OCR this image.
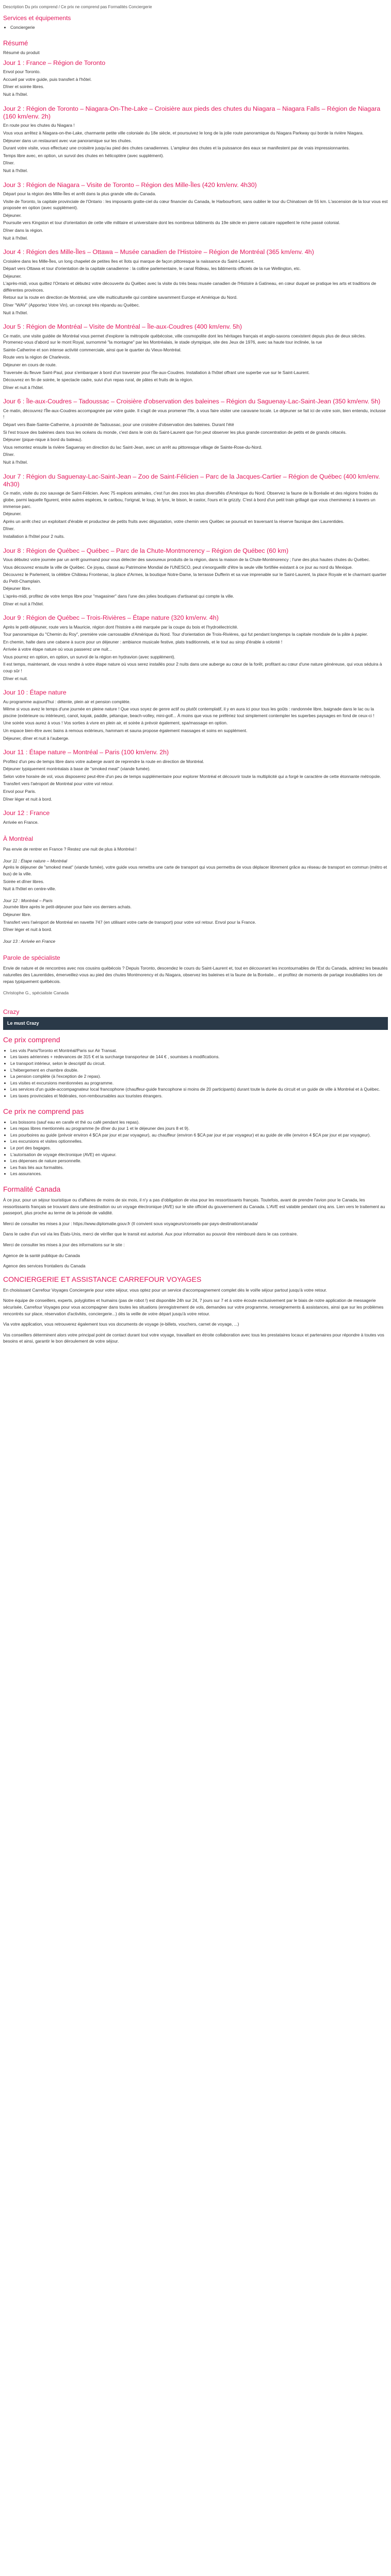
Description Du prix comprend / Ce prix ne comprend pas Formalités Conciergerie
Services et équipements
• Conciergerie
Résumé

Résumé du produit

Jour 1 : France – Région de Toronto

Envol pour Toronto.

Accueil par votre guide, puis transfert à l'hôtel.

Dîner et soirée libres.

Nuit à l'hôtel.

Jour 2 : Région de Toronto – Niagara-On-The-Lake – Croisière aux pieds des chutes du Niagara – Niagara Falls – Région de Niagara (160 km/env. 2h)

En route pour les chutes du Niagara !

Vous vous arrêtez à Niagara-on-the-Lake, charmante petite ville coloniale du 18e siècle, et poursuivez le long de la jolie route panoramique du Niagara Parkway qui borde la rivière Niagara.

Déjeuner dans un restaurant avec vue panoramique sur les chutes.

Durant votre visite, vous effectuez une croisière jusqu'au pied des chutes canadiennes. L'ampleur des chutes et la puissance des eaux se manifestent par de vrais impressionnantes.

Temps libre avec, en option, un survol des chutes en hélicoptère (avec supplément).

Dîner.

Nuit à l'hôtel.

Jour 3 : Région de Niagara – Visite de Toronto – Région des Mille-Îles (420 km/env. 4h30)

Départ pour la région des Mille-Îles et arrêt dans la plus grande ville du Canada.

Visite de Toronto, la capitale provinciale de l'Ontario : les imposants gratte-ciel du cœur financier du Canada, le Harbourfront, sans oublier le tour du Chinatown de 55 km. L'ascension de la tour vous est proposée en option (avec supplément).

Déjeuner.

Poursuite vers Kingston et tour d'orientation de cette ville militaire et universitaire dont les nombreux bâtiments du 19e siècle en pierre calcaire rappellent le riche passé colonial.

Dîner dans la région.

Nuit à l'hôtel.

Jour 4 : Région des Mille-Îles – Ottawa – Musée canadien de l'Histoire – Région de Montréal (365 km/env. 4h)

Croisière dans les Mille-Îles, un long chapelet de petites îles et îlots qui marque de façon pittoresque la naissance du Saint-Laurent.

Départ vers Ottawa et tour d'orientation de la capitale canadienne : la colline parlementaire, le canal Rideau, les bâtiments officiels de la rue Wellington, etc.

Déjeuner.

L'après-midi, vous quittez l'Ontario et débutez votre découverte du Québec avec la visite du très beau musée canadien de l'Histoire à Gatineau, en cœur duquel se pratique les arts et traditions de différentes provinces.

Retour sur la route en direction de Montréal, une ville multiculturelle qui combine savamment Europe et Amérique du Nord.

Dîner "WAV" (Apportez Votre Vin), un concept très répandu au Québec.

Nuit à l'hôtel.

Jour 5 : Région de Montréal – Visite de Montréal – Île-aux-Coudres (400 km/env. 5h)

Ce matin, une visite guidée de Montréal vous permet d'explorer la métropole québécoise, ville cosmopolite dont les héritages français et anglo-saxons coexistent depuis plus de deux siècles. Promenez-vous d'abord sur le mont Royal, surnommé "la montagne" par les Montréalais, le stade olympique, site des Jeux de 1976, avec sa haute tour inclinée, la rue

Sainte-Catherine et son intense activité commerciale, ainsi que le quartier du Vieux-Montréal.

Route vers la région de Charlevoix.

Déjeuner en cours de route.

Traversée du fleuve Saint-Paul, pour s'embarquer à bord d'un traversier pour l'Île-aux-Coudres. Installation à l'hôtel offrant une superbe vue sur le Saint-Laurent.

Découvrez en fin de soirée, le spectacle cadre, suivi d'un repas rural, de pâtes et fruits de la région.

Dîner et nuit à l'hôtel.

Jour 6 : Île-aux-Coudres – Tadoussac – Croisière d'observation des baleines – Région du Saguenay-Lac-Saint-Jean (350 km/env. 5h)

Ce matin, découvrez l'Île-aux-Coudres accompagnée par votre guide. Il s'agit de vous promener l'île, à vous faire visiter une caravane locale. Le déjeuner se fait ici de votre soin, bien entendu, inclusse !

Départ vers Baie-Sainte-Catherine, à proximité de Tadoussac, pour une croisière d'observation des baleines. Durant l'été

Si l'est trouve des baleines dans tous les océans du monde, c'est dans le coin du Saint-Laurent que l'on peut observer les plus grande concentration de petits et de grands cétacés.

Déjeuner (pique-nique à bord du bateau).

Vous remontez ensuite la rivière Saguenay en direction du lac Saint-Jean, avec un arrêt au pittoresque village de Sainte-Rose-du-Nord.

Dîner.

Nuit à l'hôtel.

Jour 7 : Région du Saguenay-Lac-Saint-Jean – Zoo de Saint-Félicien – Parc de la Jacques-Cartier – Région de Québec (400 km/env. 4h30)

Ce matin, visite du zoo sauvage de Saint-Félicien. Avec 75 espèces animales, c'est l'un des zoos les plus diversifiés d'Amérique du Nord. Observez la faune de la Boréalie et des régions froides du globe, parmi laquelle figurent, entre autres espèces, le caribou, l'orignal, le loup, le lynx, le bison, le castor, l'ours et le grizzly. C'est à bord d'un petit train grillagé que vous cheminerez à travers un immense parc.

Déjeuner.

Après un arrêt chez un exploitant d'érable et producteur de petits fruits avec dégustation, votre chemin vers Québec se poursuit en traversant la réserve faunique des Laurentides.

Dîner.

Installation à l'hôtel pour 2 nuits.

Jour 8 : Région de Québec – Québec – Parc de la Chute-Montmorency – Région de Québec (60 km)

Vous débutez votre journée par un arrêt gourmand pour vous délecter des savoureux produits de la région, dans la maison de la Chute-Montmorency ; l'une des plus hautes chutes du Québec.

Vous découvrez ensuite la ville de Québec. Ce joyau, classé au Patrimoine Mondial de l'UNESCO, peut s'enorgueillir d'être la seule ville fortifiée existant à ce jour au nord du Mexique.

Découvrez le Parlement, la célèbre Château Frontenac, la place d'Armes, la boutique Notre-Dame, la terrasse Dufferin et sa vue imprenable sur le Saint-Laurent, la place Royale et le charmant quartier du Petit-Champlain.

Déjeuner libre.

L'après-midi, profitez de votre temps libre pour "magasiner" dans l'une des jolies boutiques d'artisanat qui compte la ville.

Dîner et nuit à l'hôtel.

Jour 9 : Région de Québec – Trois-Rivières – Étape nature (320 km/env. 4h)

Après le petit-déjeuner, route vers la Mauricie, région dont l'histoire a été marquée par la coupe du bois et l'hydroélectricité.

Tour panoramique du "Chemin du Roy", première voie carrossable d'Amérique du Nord. Tour d'orientation de Trois-Rivières, qui fut pendant longtemps la capitale mondiale de la pâte à papier.

En chemin, halte dans une cabane à sucre pour un déjeuner : ambiance musicale festive, plats traditionnels, et le tout au sirop d'érable à volonté !

Arrivée à votre étape nature où vous passerez une nuit...

Vous pourrez en option, en option, un survol de la région en hydravion (avec supplément).

Il est temps, maintenant, de vous rendre à votre étape nature où vous serez installés pour 2 nuits dans une auberge au cœur de la forêt, profitant au cœur d'une nature généreuse, qui vous séduira à coup sûr !

Dîner et nuit.

Jour 10 : Étape nature

Au programme aujourd'hui : détente, plein air et pension complète.

Même si vous avez le temps d'une journée en pleine nature ! Que vous soyez de genre actif ou plutôt contemplatif, il y en aura ici pour tous les goûts : randonnée libre, baignade dans le lac ou la piscine (extérieure ou intérieure), canot, kayak, paddle, pétanque, beach-volley, mini-golf... À moins que vous ne préfériez tout simplement contempler les superbes paysages en fond de ceux-ci !

Une soirée vous aurez à vous ! Vos sorties à vivre en plein air, et soirée à prévoir également, spa/massage en option.

Un espace bien-être avec bains à remous extérieurs, hammam et sauna propose également massages et soins en supplément.

Déjeuner, dîner et nuit à l'auberge.

Jour 11 : Étape nature – Montréal – Paris (100 km/env. 2h)

Profitez d'un peu de temps libre dans votre auberge avant de reprendre la route en direction de Montréal.

Déjeuner typiquement montréalais à base de "smoked meat" (viande fumée).

Selon votre horaire de vol, vous disposerez peut-être d'un peu de temps supplémentaire pour explorer Montréal et découvrir toute la multiplicité qui a forgé le caractère de cette étonnante métropole.

Transfert vers l'aéroport de Montréal pour votre vol retour.

Envol pour Paris.

Dîner léger et nuit à bord.

Jour 12 : France

Arrivée en France.

À Montréal

Pas envie de rentrer en France ? Restez une nuit de plus à Montréal !

Jour 11 : Étape nature – Montréal

Après le déjeuner de "smoked meat" (viande fumée), votre guide vous remettra une carte de transport qui vous permettra de vous déplacer librement grâce au réseau de transport en commun (métro et bus) de la ville.

Soirée et dîner libres.

Nuit à l'hôtel en centre-ville.

Jour 12 : Montréal – Paris

Journée libre après le petit-déjeuner pour faire vos derniers achats.

Déjeuner libre.

Transfert vers l'aéroport de Montréal en navette 747 (en utilisant votre carte de transport) pour votre vol retour. Envol pour la France.

Dîner léger et nuit à bord.

Jour 13 : Arrivée en France
Parole de spécialiste

Envie de nature et de rencontres avec nos cousins québécois ? Depuis Toronto, descendez le cours du Saint-Laurent et, tout en découvrant les incontournables de l'Est du Canada, admirez les beautés naturelles des Laurentides, émerveillez-vous au pied des chutes Montmorency et du Niagara, observez les baleines et la faune de la Boréalie... et profitez de moments de partage inoubliables lors de repas typiquement québécois.

Christophe G., spécialiste Canada

Crazy
Le must Crazy
Ce prix comprend
• Les vols Paris/Toronto et Montréal/Paris sur Air Transat.
• Les taxes aériennes + redevances de 315 € et la surcharge transporteur de 144 € , soumises à modifications.
• Le transport intérieur, selon le descriptif du circuit.
• L'hébergement en chambre double.
• La pension complète (à l'exception de 2 repas).
• Les visites et excursions mentionnées au programme.
• Les services d'un guide-accompagnateur local francophone (chauffeur-guide francophone si moins de 20 participants) durant toute la durée du circuit et un guide de ville à Montréal et à Québec.
• Les taxes provinciales et fédérales, non-remboursables aux touristes étrangers.
Ce prix ne comprend pas
• Les boissons (sauf eau en carafe et thé ou café pendant les repas).
• Les repas libres mentionnés au programme (le dîner du jour 1 et le déjeuner des jours 8 et 9).
• Les pourboires au guide (prévoir environ 4 $CA par jour et par voyageur), au chauffeur (environ 6 $CA par jour et par voyageur) et au guide de ville (environ 4 $CA par jour et par voyageur).
• Les excursions et visites optionnelles.
• Le port des bagages.
• L'autorisation de voyage électronique (AVE) en vigueur.
• Les dépenses de nature personnelle.
• Les frais liés aux formalités.
• Les assurances.
Formalité Canada

À ce jour, pour un séjour touristique ou d'affaires de moins de six mois, il n'y a pas d'obligation de visa pour les ressortissants français. Toutefois, avant de prendre l'avion pour le Canada, les ressortissants français se trouvant dans une destination ou un voyage électronique (AVE) sur le site officiel du gouvernement du Canada. L'AVE est valable pendant cinq ans. Lien vers le traitement au passeport, plus proche au terme de la période de validité.

Merci de consulter les mises à jour : https://www.diplomatie.gouv.fr (Il convient sous voyageurs/conseils-par-pays-destination/canada/

Dans le cadre d'un vol via les États-Unis, merci de vérifier que le transit est autorisé. Aux pour information au pouvoir être reimbouré dans le cas contraire.

Merci de consulter les mises à jour des informations sur le site :

Agence de la santé publique du Canada

Agence des services frontaliers du Canada

CONCIERGERIE ET ASSISTANCE CARREFOUR VOYAGES

En choisissant Carrefour Voyages Conciergerie pour votre séjour, vous optez pour un service d'accompagnement complet dès le vol/le séjour partout jusqu'à votre retour.

Notre équipe de conseillers, experts, polyglottes et humains (pas de robot !) est disponible 24h sur 24, 7 jours sur 7 et à votre écoute exclusivement par le biais de notre application de messagerie sécurisée, Carrefour Voyages pour vous accompagner dans toutes les situations (enregistrement de vols, demandes sur votre programme, renseignements & assistances, ainsi que sur les problèmes rencontrés sur place, réservation d'activités, conciergerie...) dès la veille de votre départ jusqu'à votre retour.

Via votre application, vous retrouverez également tous vos documents de voyage (e-billets, vouchers, carnet de voyage, ...)

Vos conseillers déterminent alors votre principal point de contact durant tout votre voyage, travaillant en étroite collaboration avec tous les prestataires locaux et partenaires pour répondre à toutes vos besoins et ainsi, garantir le bon déroulement de votre séjour.
